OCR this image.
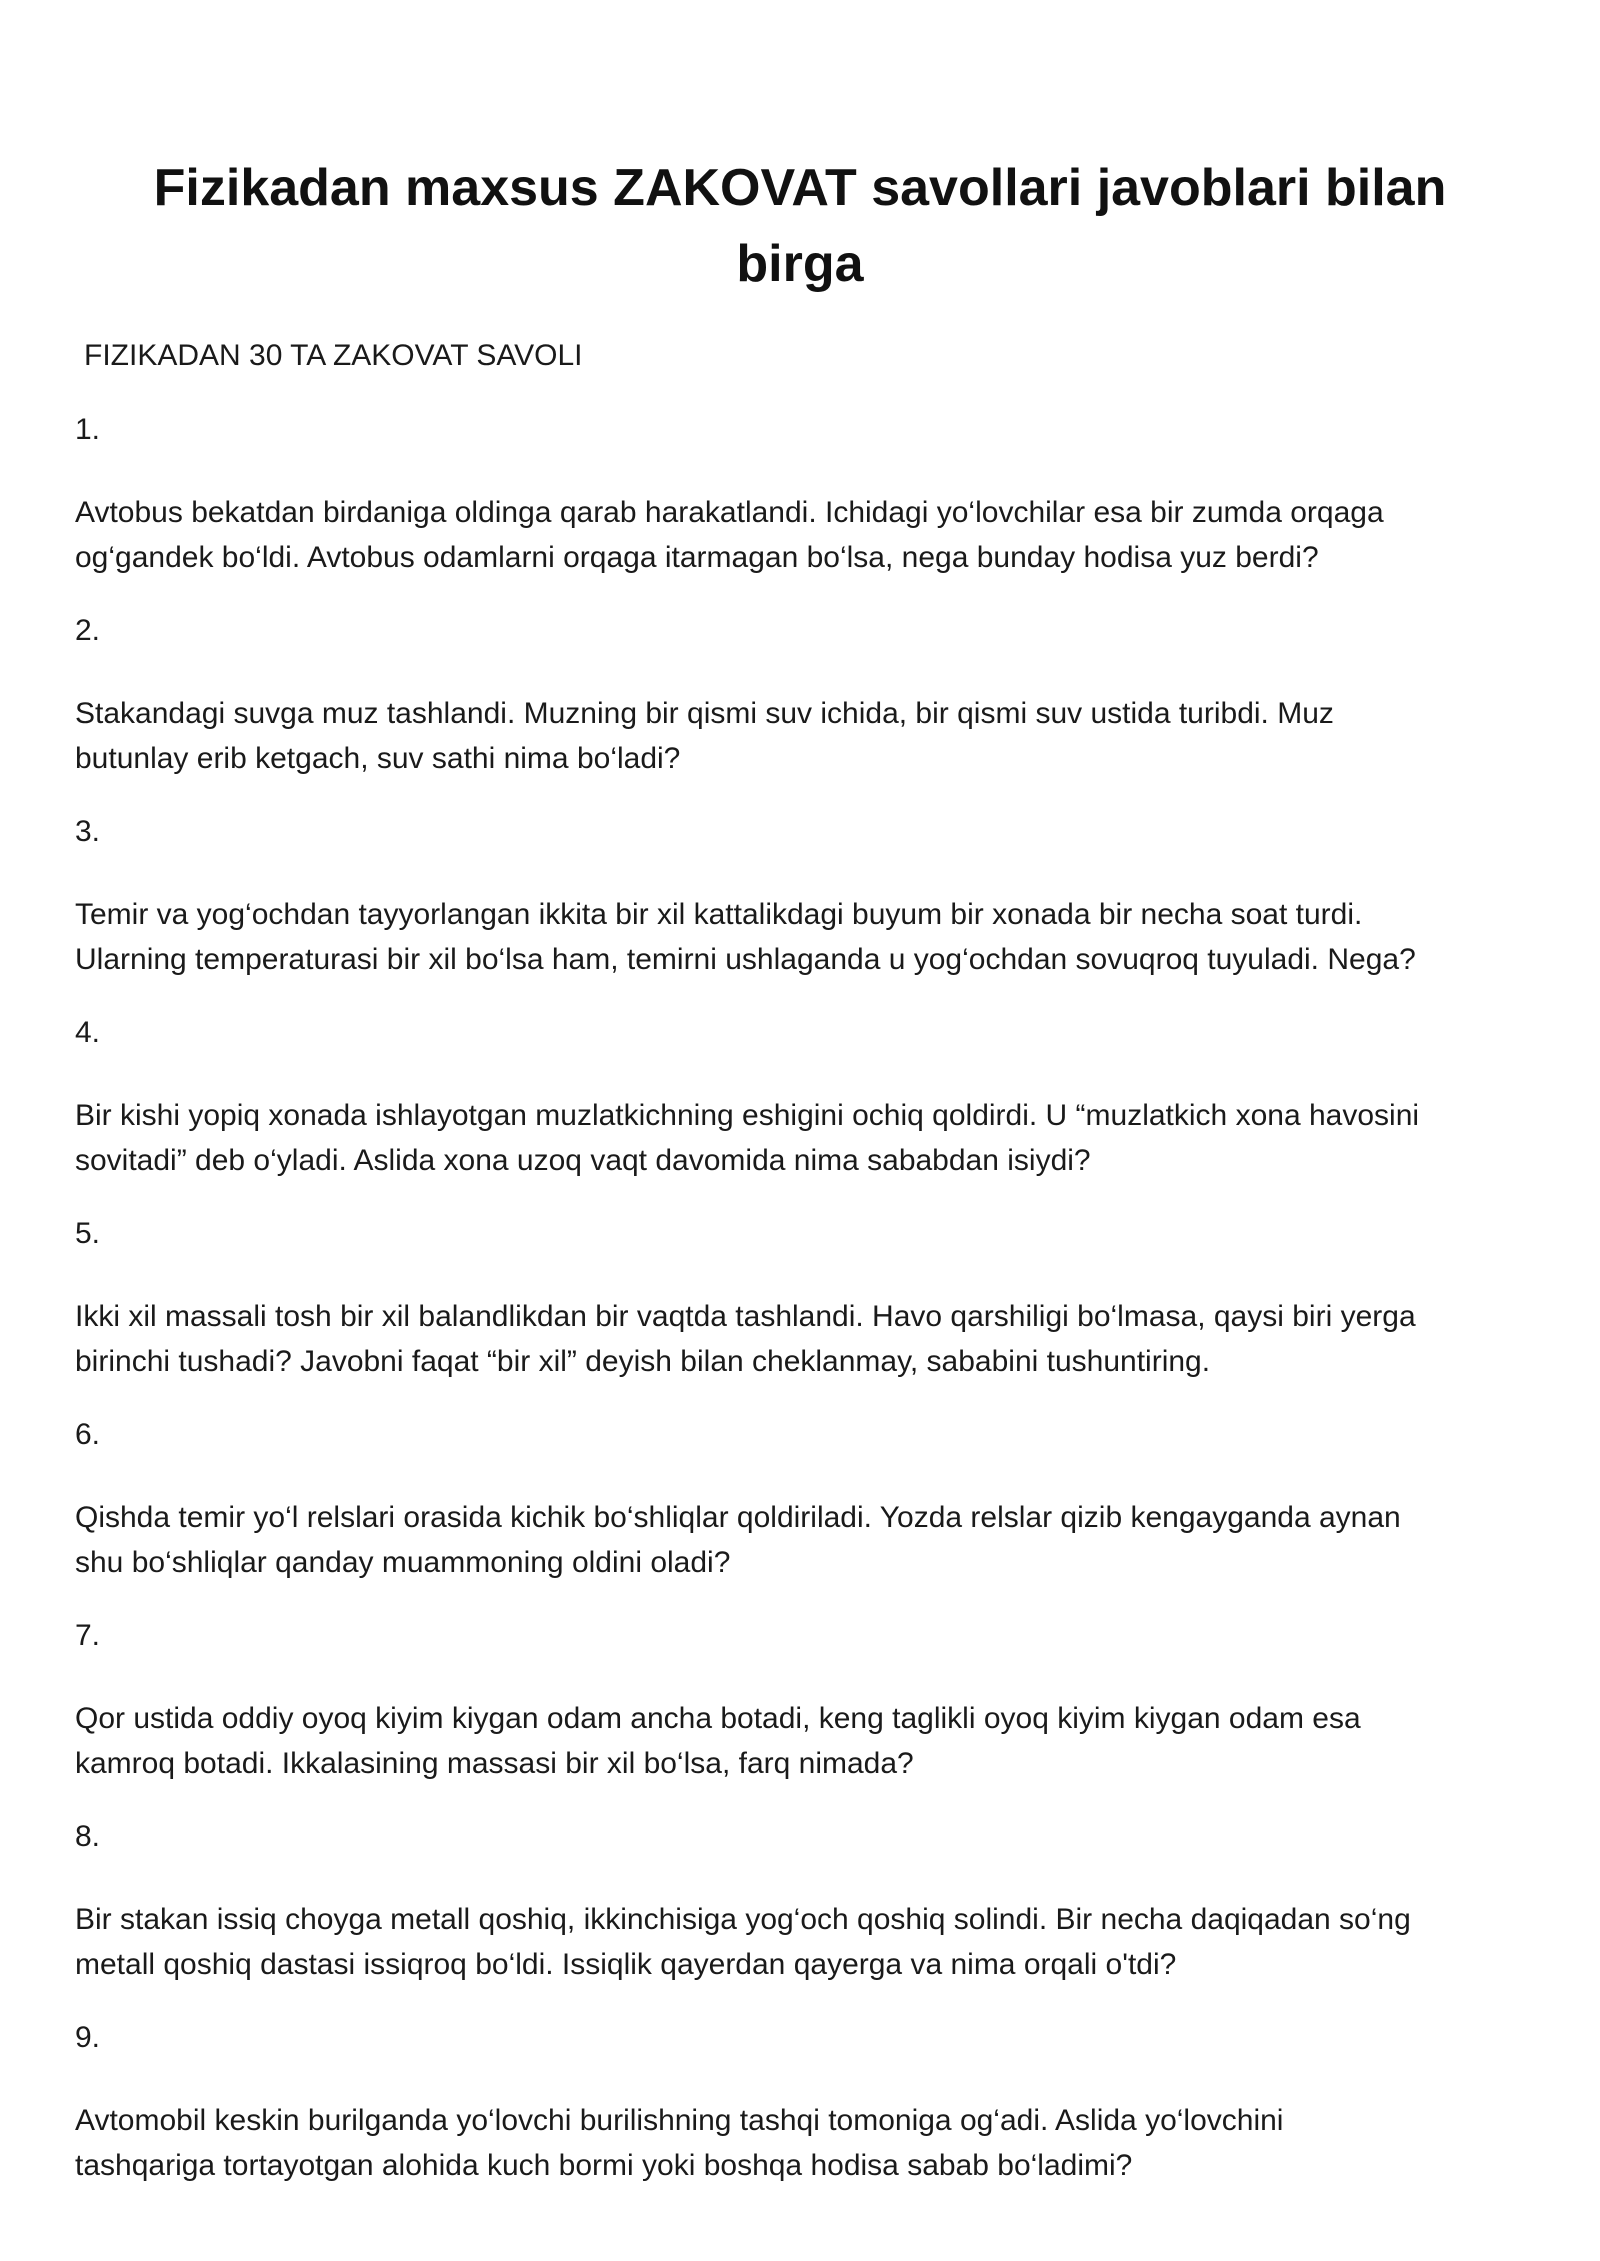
Fizikadan maxsus ZAKOVAT savollari javoblari bilan birga

FIZIKADAN 30 TA ZAKOVAT SAVOLI

1.

Avtobus bekatdan birdaniga oldinga qarab harakatlandi. Ichidagi yo‘lovchilar esa bir zumda orqaga
og‘gandek bo‘ldi. Avtobus odamlarni orqaga itarmagan bo‘lsa, nega bunday hodisa yuz berdi?

2.

Stakandagi suvga muz tashlandi. Muzning bir qismi suv ichida, bir qismi suv ustida turibdi. Muz
butunlay erib ketgach, suv sathi nima bo‘ladi?

3.

Temir va yog‘ochdan tayyorlangan ikkita bir xil kattalikdagi buyum bir xonada bir necha soat turdi.
Ularning temperaturasi bir xil bo‘lsa ham, temirni ushlaganda u yog‘ochdan sovuqroq tuyuladi. Nega?

4.

Bir kishi yopiq xonada ishlayotgan muzlatkichning eshigini ochiq qoldirdi. U “muzlatkich xona havosini
sovitadi” deb o‘yladi. Aslida xona uzoq vaqt davomida nima sababdan isiydi?

5.

Ikki xil massali tosh bir xil balandlikdan bir vaqtda tashlandi. Havo qarshiligi bo‘lmasa, qaysi biri yerga
birinchi tushadi? Javobni faqat “bir xil” deyish bilan cheklanmay, sababini tushuntiring.

6.

Qishda temir yo‘l relslari orasida kichik bo‘shliqlar qoldiriladi. Yozda relslar qizib kengayganda aynan
shu bo‘shliqlar qanday muammoning oldini oladi?

7.

Qor ustida oddiy oyoq kiyim kiygan odam ancha botadi, keng taglikli oyoq kiyim kiygan odam esa
kamroq botadi. Ikkalasining massasi bir xil bo‘lsa, farq nimada?

8.

Bir stakan issiq choyga metall qoshiq, ikkinchisiga yog‘och qoshiq solindi. Bir necha daqiqadan so‘ng
metall qoshiq dastasi issiqroq bo‘ldi. Issiqlik qayerdan qayerga va nima orqali o'tdi?

9.

Avtomobil keskin burilganda yo‘lovchi burilishning tashqi tomoniga og‘adi. Aslida yo‘lovchini
tashqariga tortayotgan alohida kuch bormi yoki boshqa hodisa sabab bo‘ladimi?
